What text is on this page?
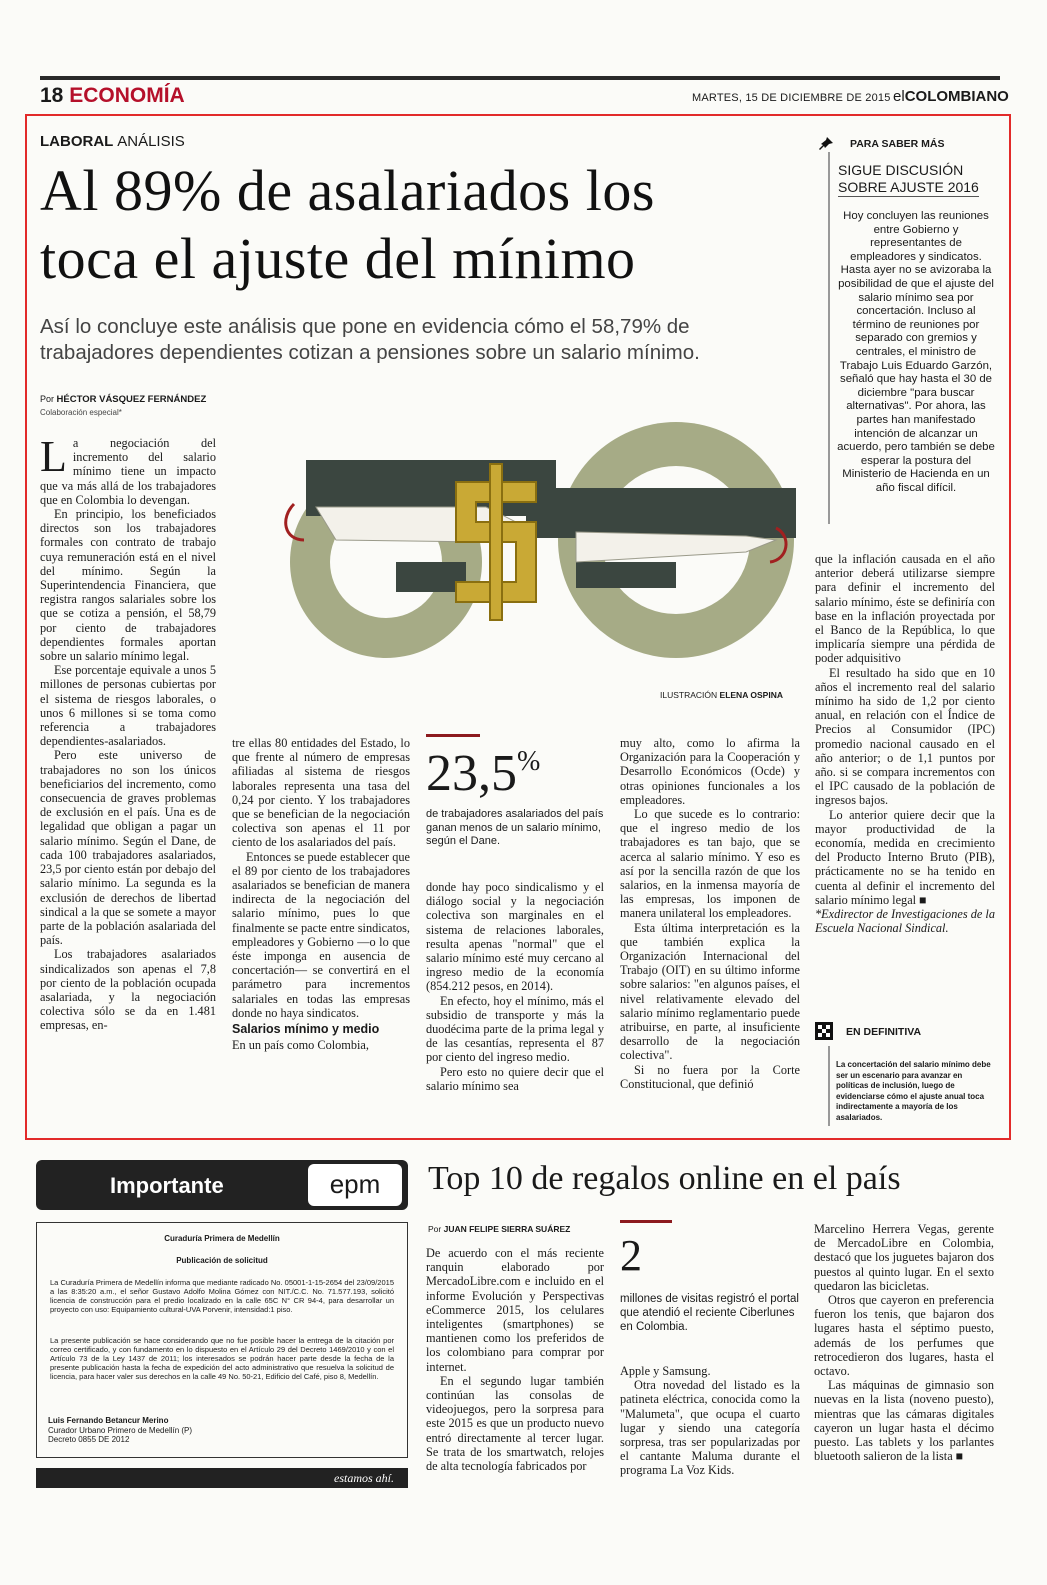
18 ECONOMÍA	MARTES, 15 DE DICIEMBRE DE 2015 elCOLOMBIANO
LABORAL ANÁLISIS
Al 89% de asalariados los
toca el ajuste del mínimo
Así lo concluye este análisis que pone en evidencia cómo el 58,79% de trabajadores dependientes cotizan a pensiones sobre un salario mínimo.
Por HÉCTOR VÁSQUEZ FERNÁNDEZ
Colaboración especial*
ILUSTRACIÓN ELENA OSPINA

La negociación del incremento del salario mínimo tiene un impacto que va más allá de los trabajadores que en Colombia lo devengan.

En principio, los beneficiados directos son los trabajadores formales con contrato de trabajo cuya remuneración está en el nivel del mínimo. Según la Superintendencia Financiera, que registra rangos salariales sobre los que se cotiza a pensión, el 58,79 por ciento de trabajadores dependientes formales aportan sobre un salario mínimo legal.

Ese porcentaje equivale a unos 5 millones de personas cubiertas por el sistema de riesgos laborales, o unos 6 millones si se toma como referencia a trabajadores dependientes-asalariados.

Pero este universo de trabajadores no son los únicos beneficiarios del incremento, como consecuencia de graves problemas de exclusión en el país. Una es de legalidad que obligan a pagar un salario mínimo. Según el Dane, de cada 100 trabajadores asalariados, 23,5 por ciento están por debajo del salario mínimo. La segunda es la exclusión de derechos de libertad sindical a la que se somete a mayor parte de la población asalariada del país.

Los trabajadores asalariados sindicalizados son apenas el 7,8 por ciento de la población ocupada asalariada, y la negociación colectiva sólo se da en 1.481 empresas, en-

tre ellas 80 entidades del Estado, lo que frente al número de empresas afiliadas al sistema de riesgos laborales representa una tasa del 0,24 por ciento. Y los trabajadores que se benefician de la negociación colectiva son apenas el 11 por ciento de los asalariados del país.

Entonces se puede establecer que el 89 por ciento de los trabajadores asalariados se benefician de manera indirecta de la negociación del salario mínimo, pues lo que finalmente se pacte entre sindicatos, empleadores y Gobierno —o lo que éste imponga en ausencia de concertación— se convertirá en el parámetro para incrementos salariales en todas las empresas donde no haya sindicatos.

Salarios mínimo y medio

En un país como Colombia,

23,5%
de trabajadores asalariados del país ganan menos de un salario mínimo, según el Dane.

donde hay poco sindicalismo y el diálogo social y la negociación colectiva son marginales en el sistema de relaciones laborales, resulta apenas "normal" que el salario mínimo esté muy cercano al ingreso medio de la economía (854.212 pesos, en 2014).

En efecto, hoy el mínimo, más el subsidio de transporte y más la duodécima parte de la prima legal y de las cesantías, representa el 87 por ciento del ingreso medio.

Pero esto no quiere decir que el salario mínimo sea

muy alto, como lo afirma la Organización para la Cooperación y Desarrollo Económicos (Ocde) y otras opiniones funcionales a los empleadores.

Lo que sucede es lo contrario: que el ingreso medio de los trabajadores es tan bajo, que se acerca al salario mínimo. Y eso es así por la sencilla razón de que los salarios, en la inmensa mayoría de las empresas, los imponen de manera unilateral los empleadores.

Esta última interpretación es la que también explica la Organización Internacional del Trabajo (OIT) en su último informe sobre salarios: "en algunos países, el nivel relativamente elevado del salario mínimo reglamentario puede atribuirse, en parte, al insuficiente desarrollo de la negociación colectiva".

Si no fuera por la Corte Constitucional, que definió

que la inflación causada en el año anterior deberá utilizarse siempre para definir el incremento del salario mínimo, éste se definiría con base en la inflación proyectada por el Banco de la República, lo que implicaría siempre una pérdida de poder adquisitivo

El resultado ha sido que en 10 años el incremento real del salario mínimo ha sido de 1,2 por ciento anual, en relación con el Índice de Precios al Consumidor (IPC) promedio nacional causado en el año anterior; o de 1,1 puntos por año. si se compara incrementos con el IPC causado de la población de ingresos bajos.

Lo anterior quiere decir que la mayor productividad de la economía, medida en crecimiento del Producto Interno Bruto (PIB), prácticamente no se ha tenido en cuenta al definir el incremento del salario mínimo legal ■

*Exdirector de Investigaciones de la Escuela Nacional Sindical.

PARA SABER MÁS
SIGUE DISCUSIÓN
SOBRE AJUSTE 2016
Hoy concluyen las reuniones entre Gobierno y representantes de empleadores y sindicatos. Hasta ayer no se avizoraba la posibilidad de que el ajuste del salario mínimo sea por concertación. Incluso al término de reuniones por separado con gremios y centrales, el ministro de Trabajo Luis Eduardo Garzón, señaló que hay hasta el 30 de diciembre "para buscar alternativas". Por ahora, las partes han manifestado intención de alcanzar un acuerdo, pero también se debe esperar la postura del Ministerio de Hacienda en un año fiscal difícil.
EN DEFINITIVA
La concertación del salario mínimo debe ser un escenario para avanzar en políticas de inclusión, luego de evidenciarse cómo el ajuste anual toca indirectamente a mayoría de los asalariados.
Importante	epm
Curaduría Primera de Medellín
Publicación de solicitud
La Curaduría Primera de Medellín informa que mediante radicado No. 05001-1-15-2654 del 23/09/2015 a las 8:35:20 a.m., el señor Gustavo Adolfo Molina Gómez con NIT./C.C. No. 71.577.193, solicitó licencia de construcción para el predio localizado en la calle 65C N° CR 94-4, para desarrollar un proyecto con uso: Equipamiento cultural-UVA Porvenir, intensidad:1 piso.
La presente publicación se hace considerando que no fue posible hacer la entrega de la citación por correo certificado, y con fundamento en lo dispuesto en el Artículo 29 del Decreto 1469/2010 y con el Artículo 73 de la Ley 1437 de 2011; los interesados se podrán hacer parte desde la fecha de la presente publicación hasta la fecha de expedición del acto administrativo que resuelva la solicitud de licencia, para hacer valer sus derechos en la calle 49 No. 50-21, Edificio del Café, piso 8, Medellín.
Luis Fernando Betancur Merino
Curador Urbano Primero de Medellín (P)
Decreto 0855 DE 2012
estamos ahí.
Top 10 de regalos online en el país
Por JUAN FELIPE SIERRA SUÁREZ

De acuerdo con el más reciente ranquin elaborado por MercadoLibre.com e incluido en el informe Evolución y Perspectivas eCommerce 2015, los celulares inteligentes (smartphones) se mantienen como los preferidos de los colombiano para comprar por internet.

En el segundo lugar también continúan las consolas de videojuegos, pero la sorpresa para este 2015 es que un producto nuevo entró directamente al tercer lugar. Se trata de los smartwatch, relojes de alta tecnología fabricados por

2
millones de visitas registró el portal que atendió el reciente Ciberlunes en Colombia.

Apple y Samsung.

Otra novedad del listado es la patineta eléctrica, conocida como la "Malumeta", que ocupa el cuarto lugar y siendo una categoría sorpresa, tras ser popularizadas por el cantante Maluma durante el programa La Voz Kids.

Marcelino Herrera Vegas, gerente de MercadoLibre en Colombia, destacó que los juguetes bajaron dos puestos al quinto lugar. En el sexto quedaron las bicicletas.

Otros que cayeron en preferencia fueron los tenis, que bajaron dos lugares hasta el séptimo puesto, además de los perfumes que retrocedieron dos lugares, hasta el octavo.

Las máquinas de gimnasio son nuevas en la lista (noveno puesto), mientras que las cámaras digitales cayeron un lugar hasta el décimo puesto. Las tablets y los parlantes bluetooth salieron de la lista ■
